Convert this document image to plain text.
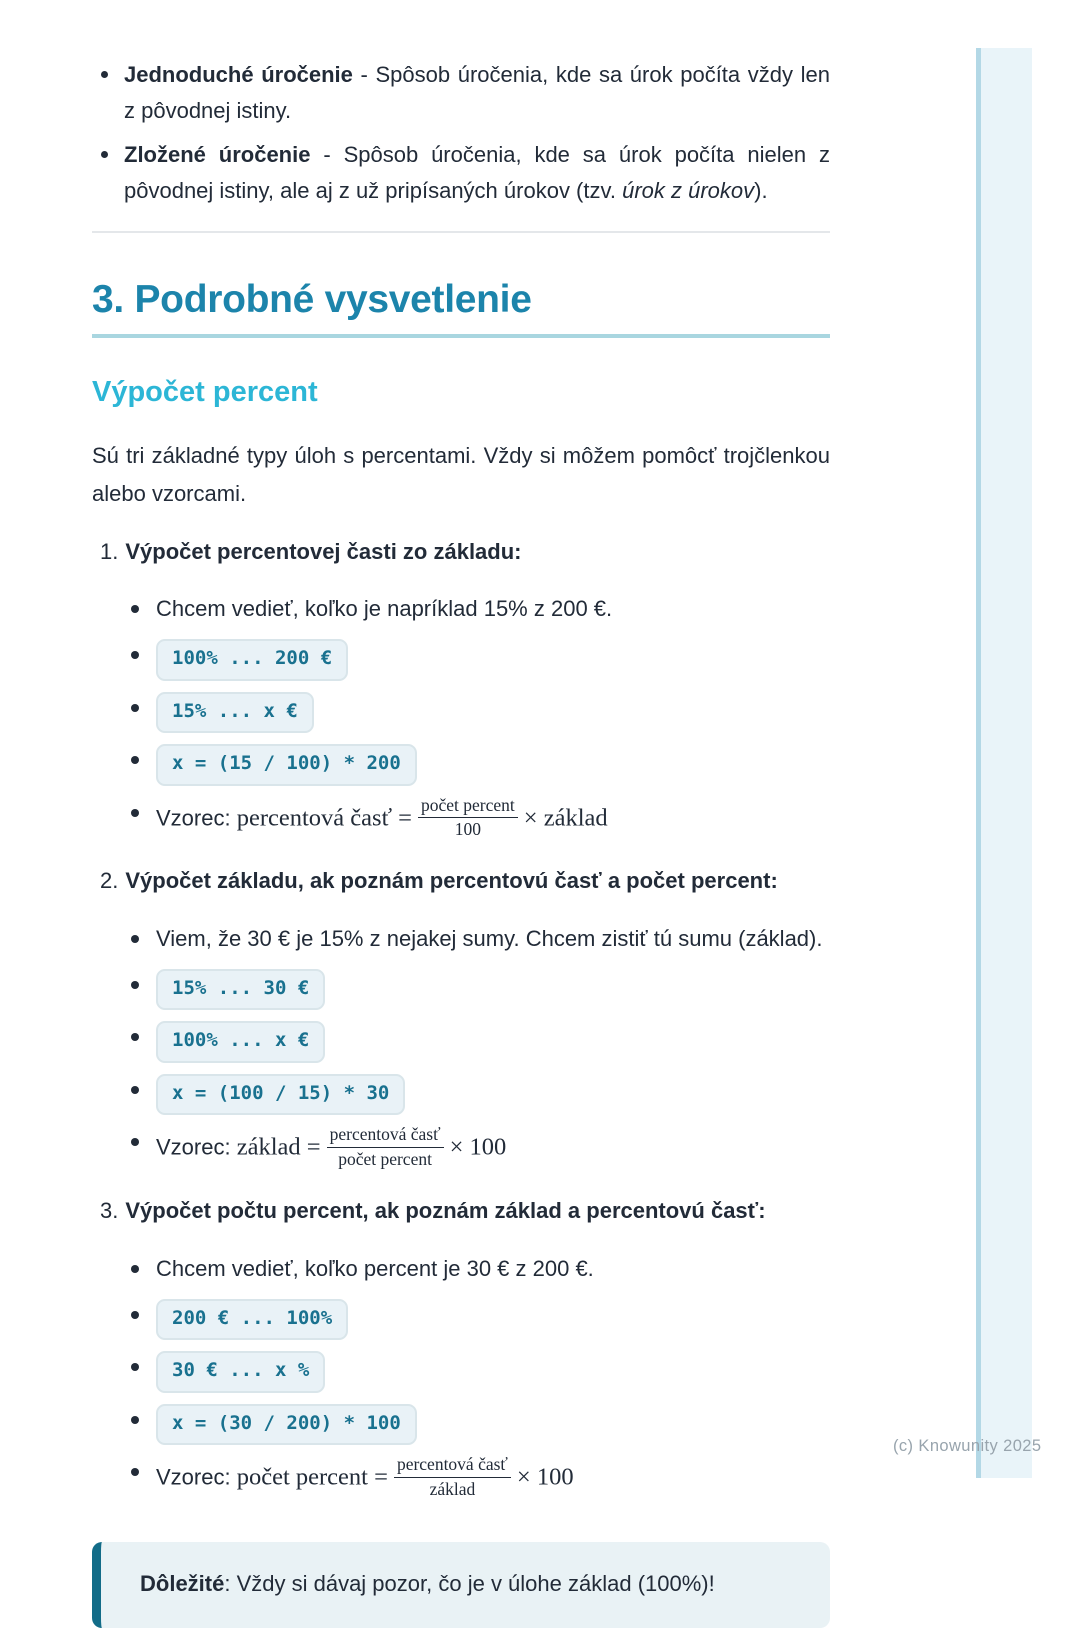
(c) Knowunity 2025
Jednoduché úročenie - Spôsob úročenia, kde sa úrok počíta vždy len z pôvodnej istiny.
Zložené úročenie - Spôsob úročenia, kde sa úrok počíta nielen z pôvodnej istiny, ale aj z už pripísaných úrokov (tzv. úrok z úrokov).
3. Podrobné vysvetlenie
Výpočet percent

Sú tri základné typy úloh s percentami. Vždy si môžem pomôcť trojčlenkou alebo vzorcami.

1. Výpočet percentovej časti zo základu:
Chcem vedieť, koľko je napríklad 15% z 200 €.
100% ... 200 €
15% ... x €
x = (15 / 100) * 200
Vzorec: percentová časť = $\frac{\text{počet percent}}{100}$ × základ
2. Výpočet základu, ak poznám percentovú časť a počet percent:
Viem, že 30 € je 15% z nejakej sumy. Chcem zistiť tú sumu (základ).
15% ... 30 €
100% ... x €
x = (100 / 15) * 30
Vzorec: základ = $\frac{\text{percentová časť}}{\text{počet percent}} \times 100$
3. Výpočet počtu percent, ak poznám základ a percentovú časť:
Chcem vedieť, koľko percent je 30 € z 200 €.
200 € ... 100%
30 € ... x %
x = (30 / 200) * 100
Vzorec: počet percent = $\frac{\text{percentová časť}}{\text{základ}} \times 100$
Dôležité: Vždy si dávaj pozor, čo je v úlohe základ (100%)!
